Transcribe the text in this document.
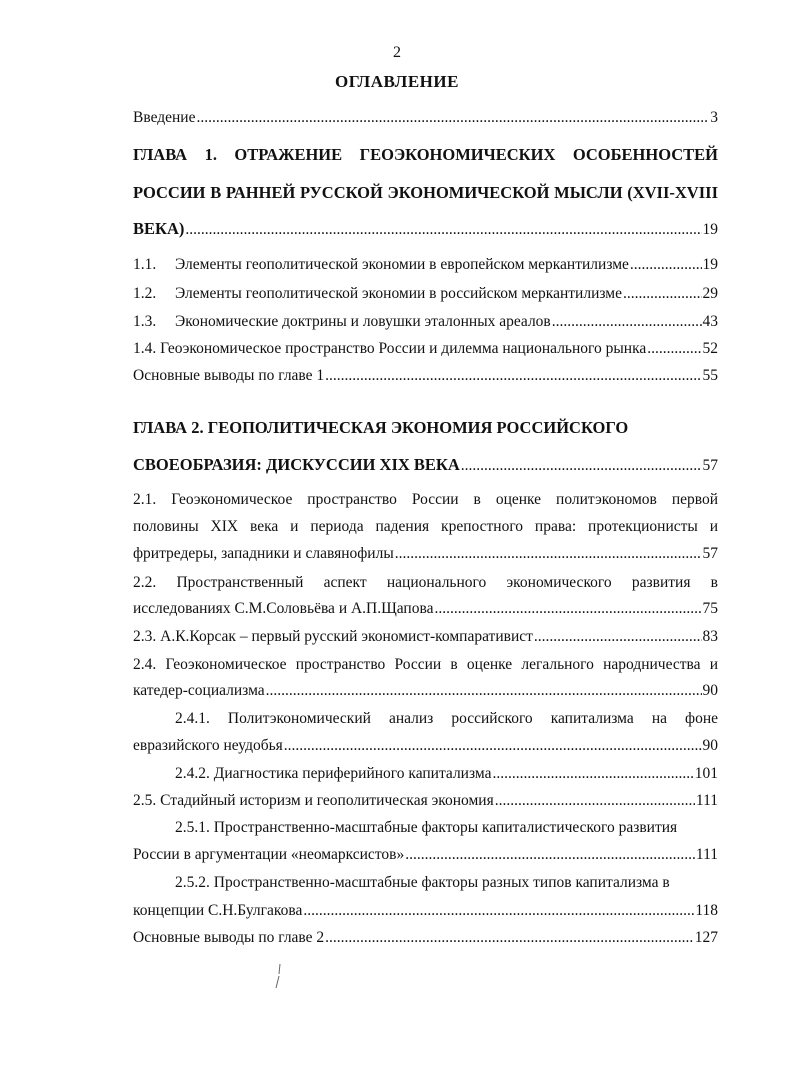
2
ОГЛАВЛЕНИЕ
Введение .....	3
ГЛАВА 1. ОТРАЖЕНИЕ ГЕОЭКОНОМИЧЕСКИХ ОСОБЕННОСТЕЙ
РОССИИ В РАННЕЙ РУССКОЙ ЭКОНОМИЧЕСКОЙ МЫСЛИ (XVII-XVIII
ВЕКА) .....	19
1.1.	Элементы геополитической экономии в европейском меркантилизме .....	19
1.2.	Элементы геополитической экономии в российском меркантилизме .....	29
1.3.	Экономические доктрины и ловушки эталонных ареалов .....	43
1.4. Геоэкономическое пространство России и дилемма национального рынка .....	52
Основные выводы по главе 1 .....	55
ГЛАВА 2. ГЕОПОЛИТИЧЕСКАЯ ЭКОНОМИЯ РОССИЙСКОГО
СВОЕОБРАЗИЯ: ДИСКУССИИ XIX ВЕКА .....	57
2.1. Геоэкономическое пространство России в оценке политэкономов первой
половины XIX века и периода падения крепостного права: протекционисты и
фритредеры, западники и славянофилы .....	57
2.2. Пространственный аспект национального экономического развития в
исследованиях С.М.Соловьёва и А.П.Щапова .....	75
2.3. А.К.Корсак – первый русский экономист-компаративист .....	83
2.4. Геоэкономическое пространство России в оценке легального народничества и
катедер-социализма .....	90
2.4.1. Политэкономический анализ российского капитализма на фоне
евразийского неудобья .....	90
2.4.2. Диагностика периферийного капитализма .....	101
2.5. Стадийный историзм и геополитическая экономия .....	111
2.5.1. Пространственно-масштабные факторы капиталистического развития
России в аргументации «неомарксистов» .....	111
2.5.2. Пространственно-масштабные факторы разных типов капитализма в
концепции С.Н.Булгакова .....	118
Основные выводы по главе 2 .....	127
